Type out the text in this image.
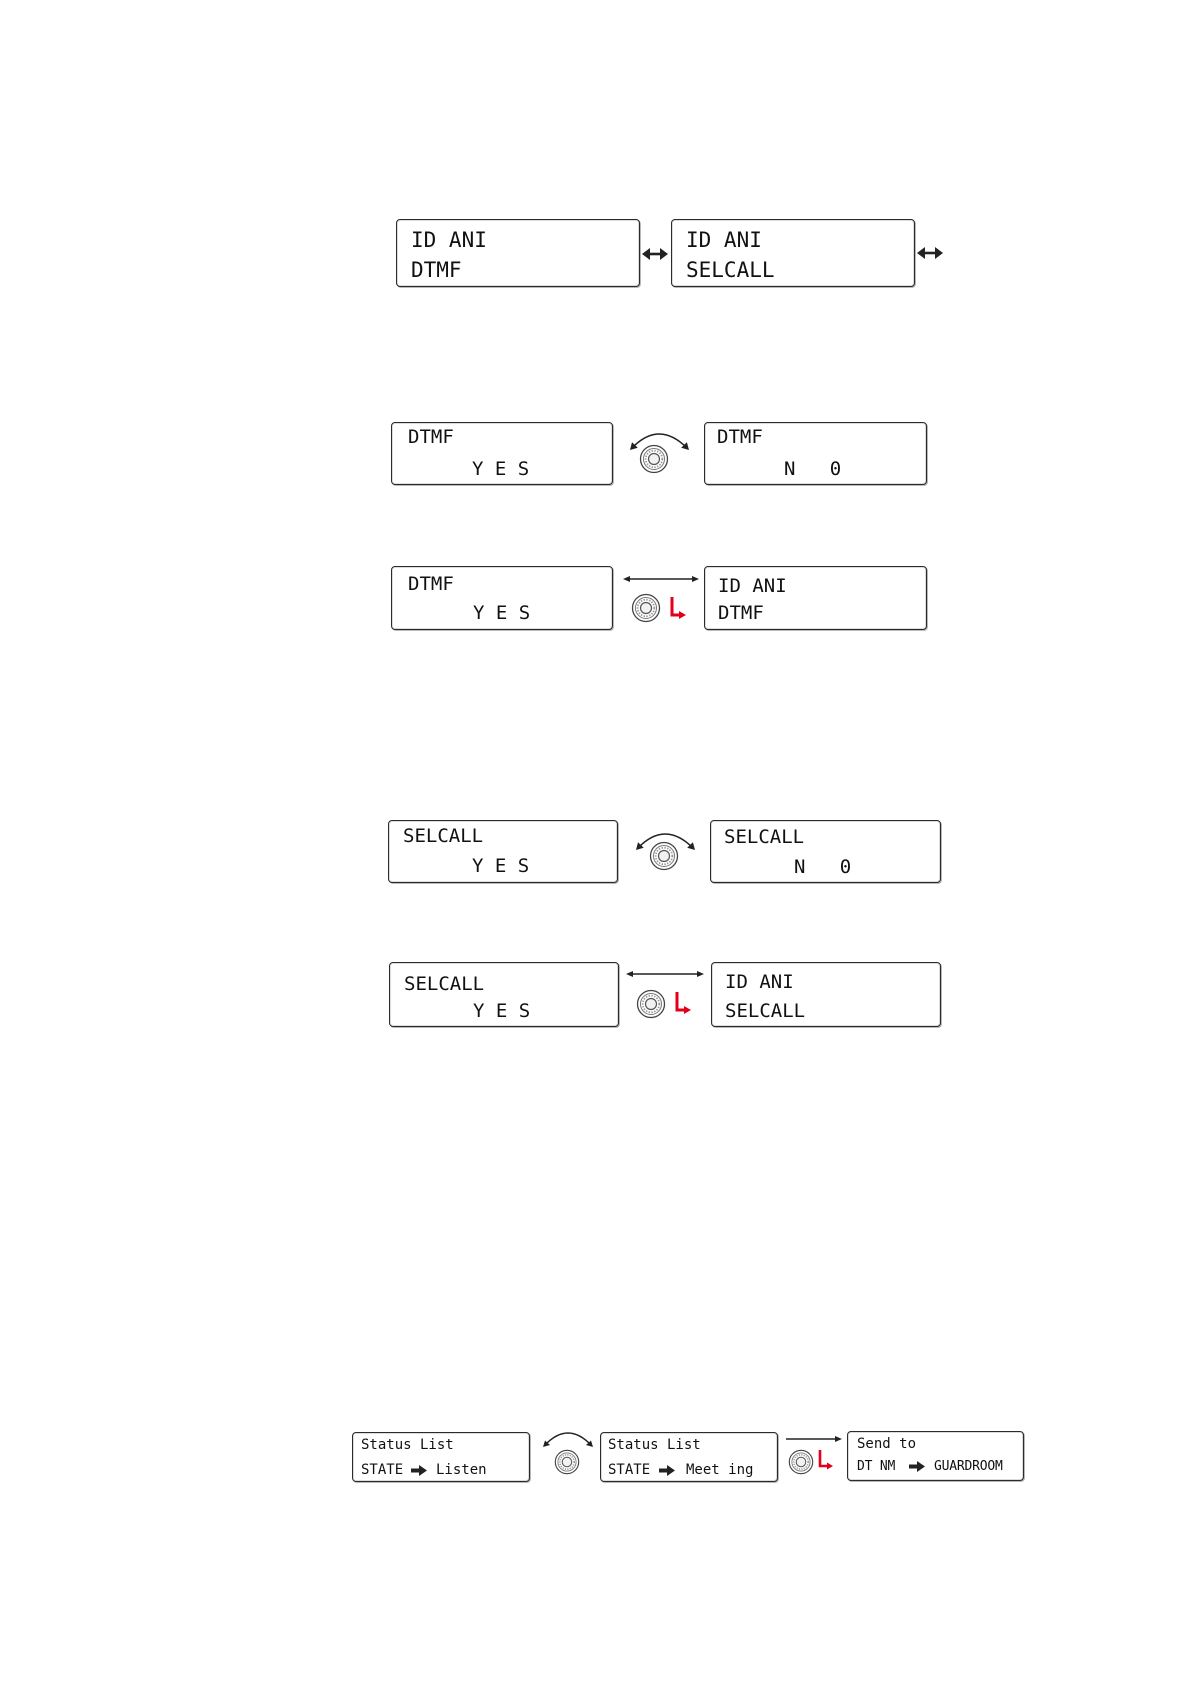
ID ANI
DTMF
ID ANI
SELCALL
DTMF
Y E S
DTMF
N   0
DTMF
Y E S
ID ANI
DTMF
SELCALL
Y E S
SELCALL
N   0
SELCALL
Y E S
ID ANI
SELCALL
Status List
STATE Listen
Status List
STATE	Meet ing
Send to
DT NM	GUARDROOM
